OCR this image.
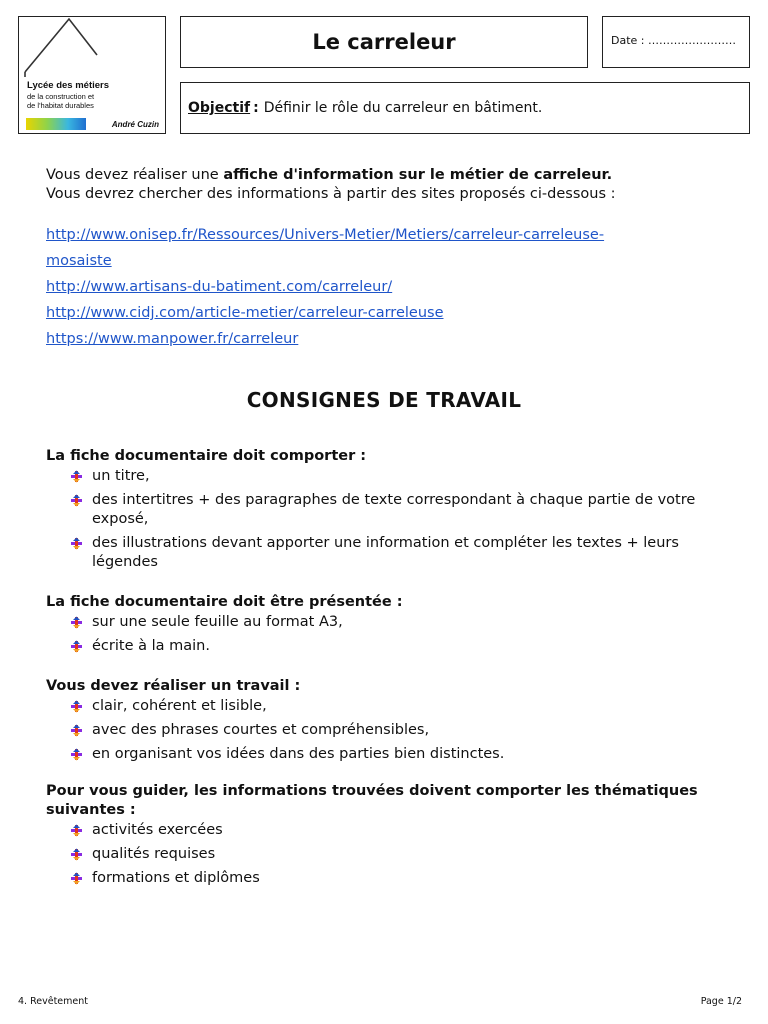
Lycée des métiers
de la construction et
de l'habitat durables
André Cuzin
Le carreleur	Date : ……………………
Objectif : Définir le rôle du carreleur en bâtiment.
Vous devez réaliser une affiche d'information sur le métier de carreleur.
Vous devrez chercher des informations à partir des sites proposés ci-dessous :
http://www.onisep.fr/Ressources/Univers-Metier/Metiers/carreleur-carreleuse-
mosaiste
http://www.artisans-du-batiment.com/carreleur/
http://www.cidj.com/article-metier/carreleur-carreleuse
https://www.manpower.fr/carreleur
CONSIGNES DE TRAVAIL
La fiche documentaire doit comporter :
un titre,
des intertitres + des paragraphes de texte correspondant à chaque partie de votre exposé,
des illustrations devant apporter une information et compléter les textes + leurs légendes
La fiche documentaire doit être présentée :
sur une seule feuille au format A3,
écrite à la main.
Vous devez réaliser un travail :
clair, cohérent et lisible,
avec des phrases courtes et compréhensibles,
en organisant vos idées dans des parties bien distinctes.
Pour vous guider, les informations trouvées doivent comporter les thématiques suivantes :
activités exercées
qualités requises
formations et diplômes
4. Revêtement	Page 1/2
